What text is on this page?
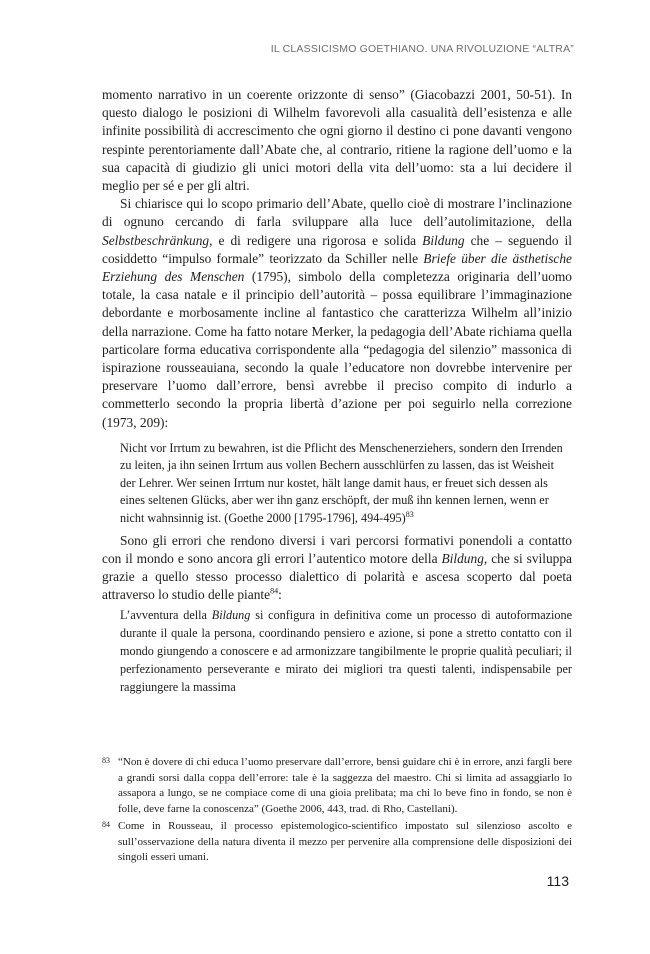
IL CLASSICISMO GOETHIANO. UNA RIVOLUZIONE “ALTRA”

momento narrativo in un coerente orizzonte di senso” (Giacobazzi 2001, 50-51). In questo dialogo le posizioni di Wilhelm favorevoli alla casualità dell’esistenza e alle infinite possibilità di accrescimento che ogni giorno il destino ci pone davanti vengono respinte perentoriamente dall’Abate che, al contrario, ritiene la ragione dell’uomo e la sua capacità di giudizio gli unici motori della vita dell’uomo: sta a lui decidere il meglio per sé e per gli altri.

Si chiarisce qui lo scopo primario dell’Abate, quello cioè di mostrare l’inclinazione di ognuno cercando di farla sviluppare alla luce dell’autolimitazione, della Selbstbeschränkung, e di redigere una rigorosa e solida Bildung che – seguendo il cosiddetto “impulso formale” teorizzato da Schiller nelle Briefe über die ästhetische Erziehung des Menschen (1795), simbolo della completezza originaria dell’uomo totale, la casa natale e il principio dell’autorità – possa equilibrare l’immaginazione debordante e morbosamente incline al fantastico che caratterizza Wilhelm all’inizio della narrazione. Come ha fatto notare Merker, la pedagogia dell’Abate richiama quella particolare forma educativa corrispondente alla “pedagogia del silenzio” massonica di ispirazione rousseauiana, secondo la quale l’educatore non dovrebbe intervenire per preservare l’uomo dall’errore, bensì avrebbe il preciso compito di indurlo a commetterlo secondo la propria libertà d’azione per poi seguirlo nella correzione (1973, 209):

Nicht vor Irrtum zu bewahren, ist die Pflicht des Menschenerziehers, sondern den Irrenden zu leiten, ja ihn seinen Irrtum aus vollen Bechern ausschlürfen zu lassen, das ist Weisheit der Lehrer. Wer seinen Irrtum nur kostet, hält lange damit haus, er freuet sich dessen als eines seltenen Glücks, aber wer ihn ganz erschöpft, der muß ihn kennen lernen, wenn er nicht wahnsinnig ist. (Goethe 2000 [1795-1796], 494-495)$^{83}$

Sono gli errori che rendono diversi i vari percorsi formativi ponendoli a contatto con il mondo e sono ancora gli errori l’autentico motore della Bildung, che si sviluppa grazie a quello stesso processo dialettico di polarità e ascesa scoperto dal poeta attraverso lo studio delle piante$^{84}$:

L’avventura della Bildung si configura in definitiva come un processo di autoformazione durante il quale la persona, coordinando pensiero e azione, si pone a stretto contatto con il mondo giungendo a conoscere e ad armonizzare tangibilmente le proprie qualità peculiari; il perfezionamento perseverante e mirato dei migliori tra questi talenti, indispensabile per raggiungere la massima

83 “Non è dovere di chi educa l’uomo preservare dall’errore, bensì guidare chi è in errore, anzi fargli bere a grandi sorsi dalla coppa dell’errore: tale è la saggezza del maestro. Chi si limita ad assaggiarlo lo assapora a lungo, se ne compiace come di una gioia prelibata; ma chi lo beve fino in fondo, se non è folle, deve farne la conoscenza” (Goethe 2006, 443, trad. di Rho, Castellani).
84 Come in Rousseau, il processo epistemologico-scientifico impostato sul silenzioso ascolto e sull’osservazione della natura diventa il mezzo per pervenire alla comprensione delle disposizioni dei singoli esseri umani.
113
